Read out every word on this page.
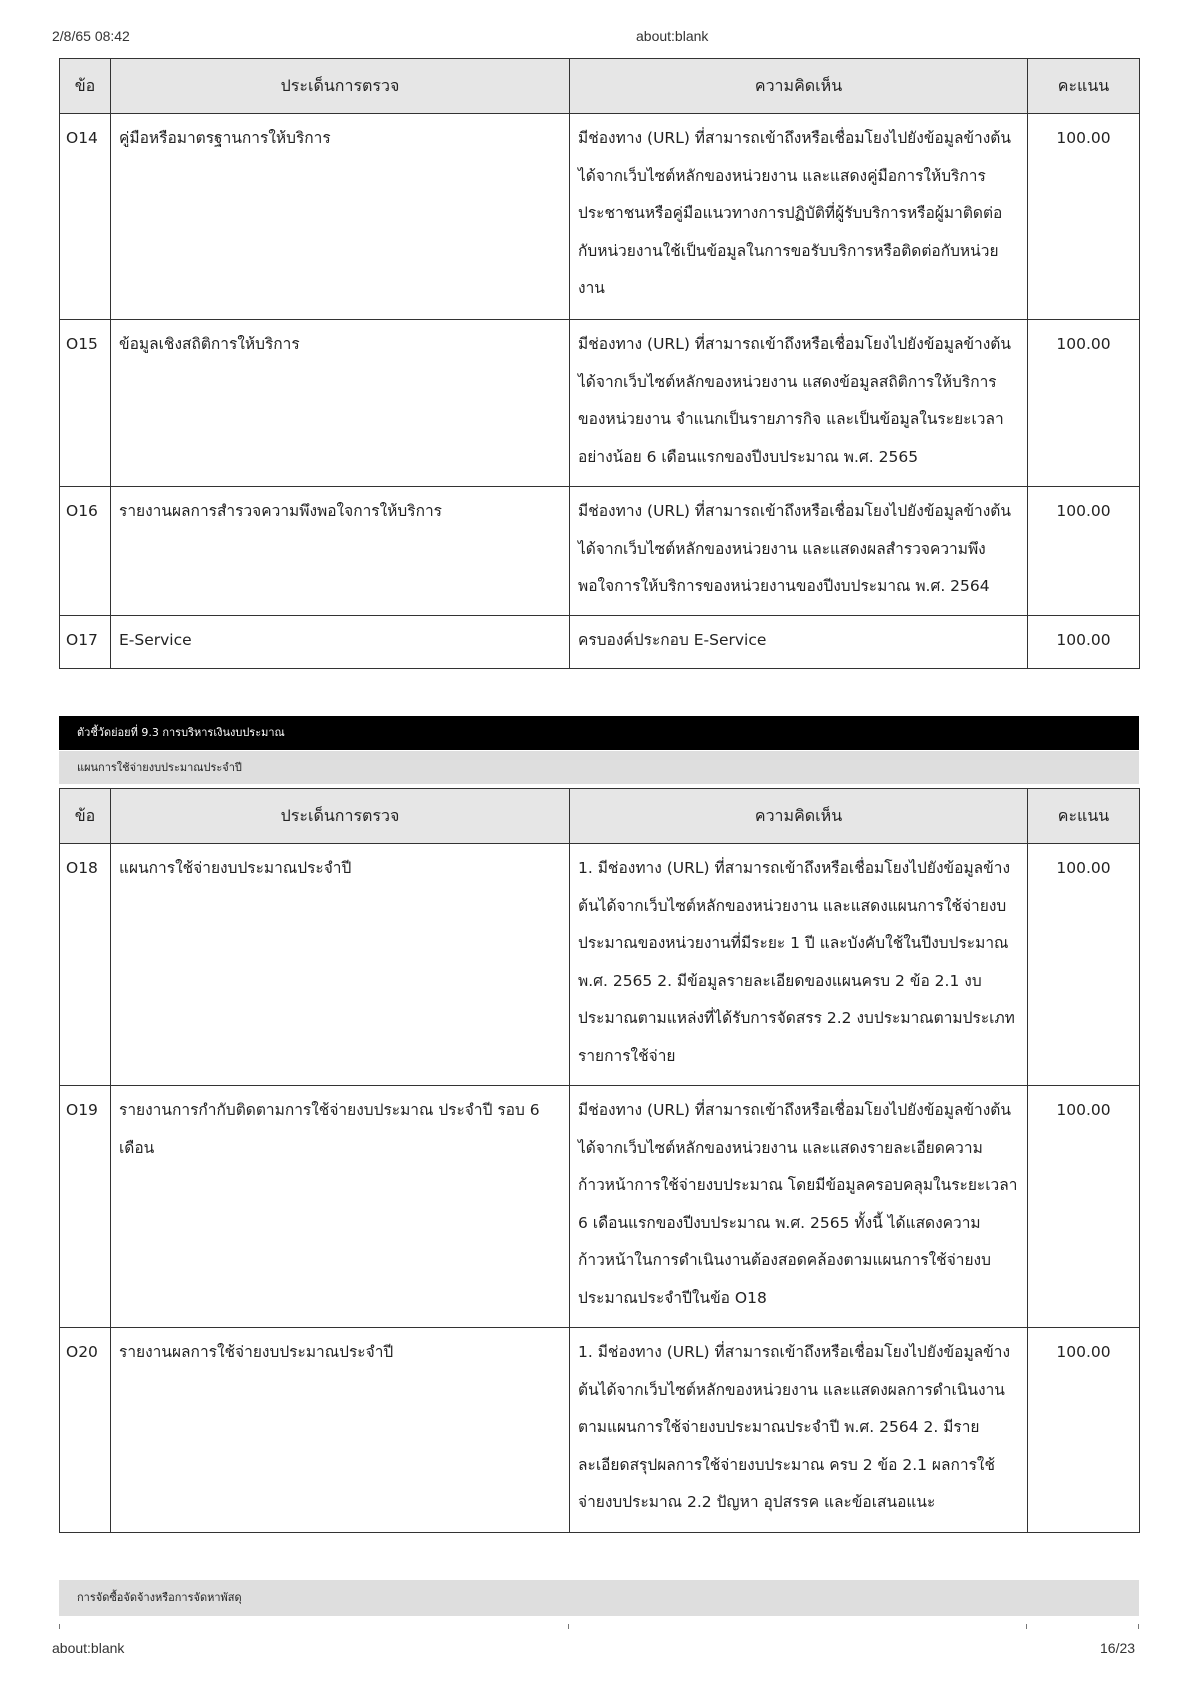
2/8/65 08:42	about:blank
ข้อ	ประเด็นการตรวจ	ความคิดเห็น	คะแนน
O14	คู่มือหรือมาตรฐานการให้บริการ	มีช่องทาง (URL) ที่สามารถเข้าถึงหรือเชื่อมโยงไปยังข้อมูลข้างต้นได้จากเว็บไซต์หลักของหน่วยงาน และแสดงคู่มือการให้บริการประชาชนหรือคู่มือแนวทางการปฏิบัติที่ผู้รับบริการหรือผู้มาติดต่อกับหน่วยงานใช้เป็นข้อมูลในการขอรับบริการหรือติดต่อกับหน่วยงาน	100.00
O15	ข้อมูลเชิงสถิติการให้บริการ	มีช่องทาง (URL) ที่สามารถเข้าถึงหรือเชื่อมโยงไปยังข้อมูลข้างต้นได้จากเว็บไซต์หลักของหน่วยงาน แสดงข้อมูลสถิติการให้บริการของหน่วยงาน จำแนกเป็นรายภารกิจ และเป็นข้อมูลในระยะเวลาอย่างน้อย 6 เดือนแรกของปีงบประมาณ พ.ศ. 2565	100.00
O16	รายงานผลการสำรวจความพึงพอใจการให้บริการ	มีช่องทาง (URL) ที่สามารถเข้าถึงหรือเชื่อมโยงไปยังข้อมูลข้างต้นได้จากเว็บไซต์หลักของหน่วยงาน และแสดงผลสำรวจความพึงพอใจการให้บริการของหน่วยงานของปีงบประมาณ พ.ศ. 2564	100.00
O17	E-Service	ครบองค์ประกอบ E-Service	100.00
ตัวชี้วัดย่อยที่ 9.3 การบริหารเงินงบประมาณ
แผนการใช้จ่ายงบประมาณประจำปี
ข้อ	ประเด็นการตรวจ	ความคิดเห็น	คะแนน
O18	แผนการใช้จ่ายงบประมาณประจำปี	1. มีช่องทาง (URL) ที่สามารถเข้าถึงหรือเชื่อมโยงไปยังข้อมูลข้างต้นได้จากเว็บไซต์หลักของหน่วยงาน และแสดงแผนการใช้จ่ายงบประมาณของหน่วยงานที่มีระยะ 1 ปี และบังคับใช้ในปีงบประมาณ พ.ศ. 2565 2. มีข้อมูลรายละเอียดของแผนครบ 2 ข้อ 2.1 งบประมาณตามแหล่งที่ได้รับการจัดสรร 2.2 งบประมาณตามประเภทรายการใช้จ่าย	100.00
O19	รายงานการกำกับติดตามการใช้จ่ายงบประมาณ ประจำปี รอบ 6 เดือน	มีช่องทาง (URL) ที่สามารถเข้าถึงหรือเชื่อมโยงไปยังข้อมูลข้างต้นได้จากเว็บไซต์หลักของหน่วยงาน และแสดงรายละเอียดความก้าวหน้าการใช้จ่ายงบประมาณ โดยมีข้อมูลครอบคลุมในระยะเวลา 6 เดือนแรกของปีงบประมาณ พ.ศ. 2565 ทั้งนี้ ได้แสดงความก้าวหน้าในการดำเนินงานต้องสอดคล้องตามแผนการใช้จ่ายงบประมาณประจำปีในข้อ O18	100.00
O20	รายงานผลการใช้จ่ายงบประมาณประจำปี	1. มีช่องทาง (URL) ที่สามารถเข้าถึงหรือเชื่อมโยงไปยังข้อมูลข้างต้นได้จากเว็บไซต์หลักของหน่วยงาน และแสดงผลการดำเนินงานตามแผนการใช้จ่ายงบประมาณประจำปี พ.ศ. 2564 2. มีรายละเอียดสรุปผลการใช้จ่ายงบประมาณ ครบ 2 ข้อ 2.1 ผลการใช้จ่ายงบประมาณ 2.2 ปัญหา อุปสรรค และข้อเสนอแนะ	100.00
การจัดซื้อจัดจ้างหรือการจัดหาพัสดุ
about:blank	16/23
